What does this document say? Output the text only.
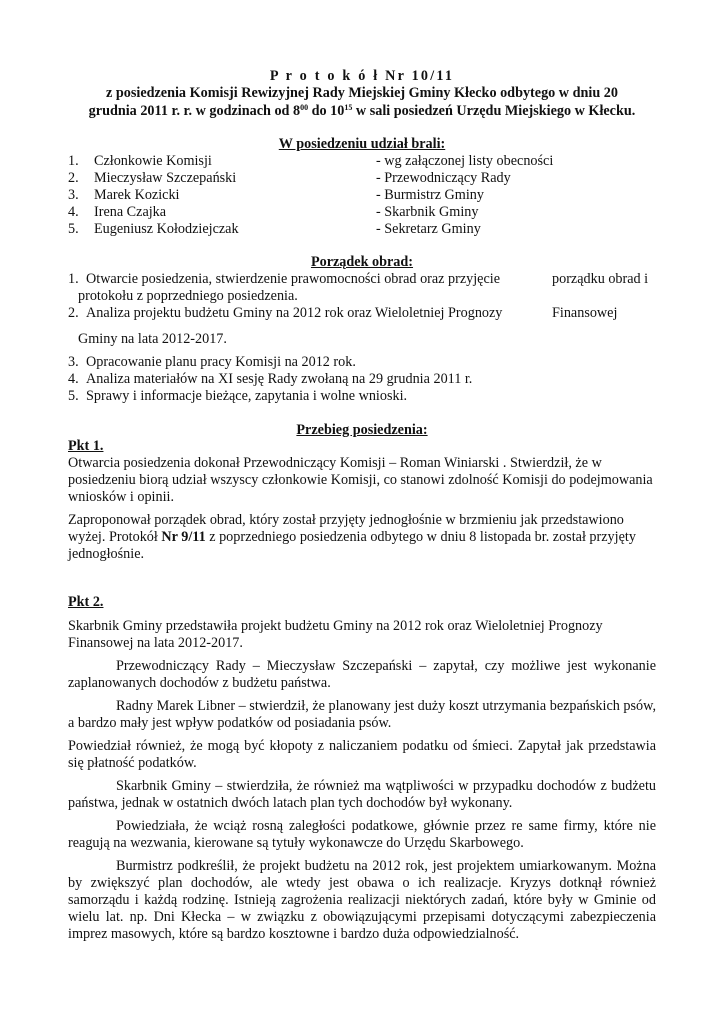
P r o t o k ó ł Nr 10/11
z posiedzenia Komisji Rewizyjnej Rady Miejskiej Gminy Kłecko odbytego w dniu 20
grudnia 2011 r. r. w godzinach od $8^{00}$ do $10^{15}$ w sali posiedzeń Urzędu Miejskiego w Kłecku.
W posiedzeniu udział brali:
1. Członkowie Komisji	- wg załączonej listy obecności
2. Mieczysław Szczepański	- Przewodniczący Rady
3. Marek Kozicki	- Burmistrz Gminy
4. Irena Czajka	- Skarbnik Gminy
5. Eugeniusz Kołodziejczak	- Sekretarz Gminy
Porządek obrad:
1. Otwarcie posiedzenia, stwierdzenie prawomocności obrad oraz przyjęcie	porządku obrad i
protokołu z poprzedniego posiedzenia.
2. Analiza projektu budżetu Gminy na 2012 rok oraz Wieloletniej Prognozy	Finansowej
Gminy na lata 2012-2017.
3. Opracowanie planu pracy Komisji na 2012 rok.
4. Analiza materiałów na XI sesję Rady zwołaną na 29 grudnia 2011 r.
5. Sprawy i informacje bieżące, zapytania i wolne wnioski.
Przebieg posiedzenia:
Pkt 1.
Otwarcia posiedzenia dokonał Przewodniczący Komisji – Roman Winiarski . Stwierdził, że w posiedzeniu biorą udział wszyscy członkowie Komisji, co stanowi zdolność Komisji do podejmowania wniosków i opinii.
Zaproponował porządek obrad, który został przyjęty jednogłośnie w brzmieniu jak przedstawiono wyżej. Protokół Nr 9/11 z poprzedniego posiedzenia odbytego w dniu 8 listopada br. został przyjęty jednogłośnie.
Pkt 2.
Skarbnik Gminy przedstawiła projekt budżetu Gminy na 2012 rok oraz Wieloletniej Prognozy Finansowej na lata 2012-2017.
Przewodniczący Rady – Mieczysław Szczepański – zapytał, czy możliwe jest wykonanie zaplanowanych dochodów z budżetu państwa.
Radny Marek Libner – stwierdził, że planowany jest duży koszt utrzymania bezpańskich psów, a bardzo mały jest wpływ podatków od posiadania psów.
Powiedział również, że mogą być kłopoty z naliczaniem podatku od śmieci. Zapytał jak przedstawia się płatność podatków.
Skarbnik Gminy – stwierdziła, że również ma wątpliwości w przypadku dochodów z budżetu państwa, jednak w ostatnich dwóch latach plan tych dochodów był wykonany.
Powiedziała, że wciąż rosną zaległości podatkowe, głównie przez re same firmy, które nie reagują na wezwania, kierowane są tytuły wykonawcze do Urzędu Skarbowego.
Burmistrz podkreślił, że projekt budżetu na 2012 rok, jest projektem umiarkowanym. Można by zwiększyć plan dochodów, ale wtedy jest obawa o ich realizacje. Kryzys dotknął również samorządu i każdą rodzinę. Istnieją zagrożenia realizacji niektórych zadań, które były w Gminie od wielu lat. np. Dni Kłecka – w związku z obowiązującymi przepisami dotyczącymi zabezpieczenia imprez masowych, które są bardzo kosztowne i bardzo duża odpowiedzialność.
